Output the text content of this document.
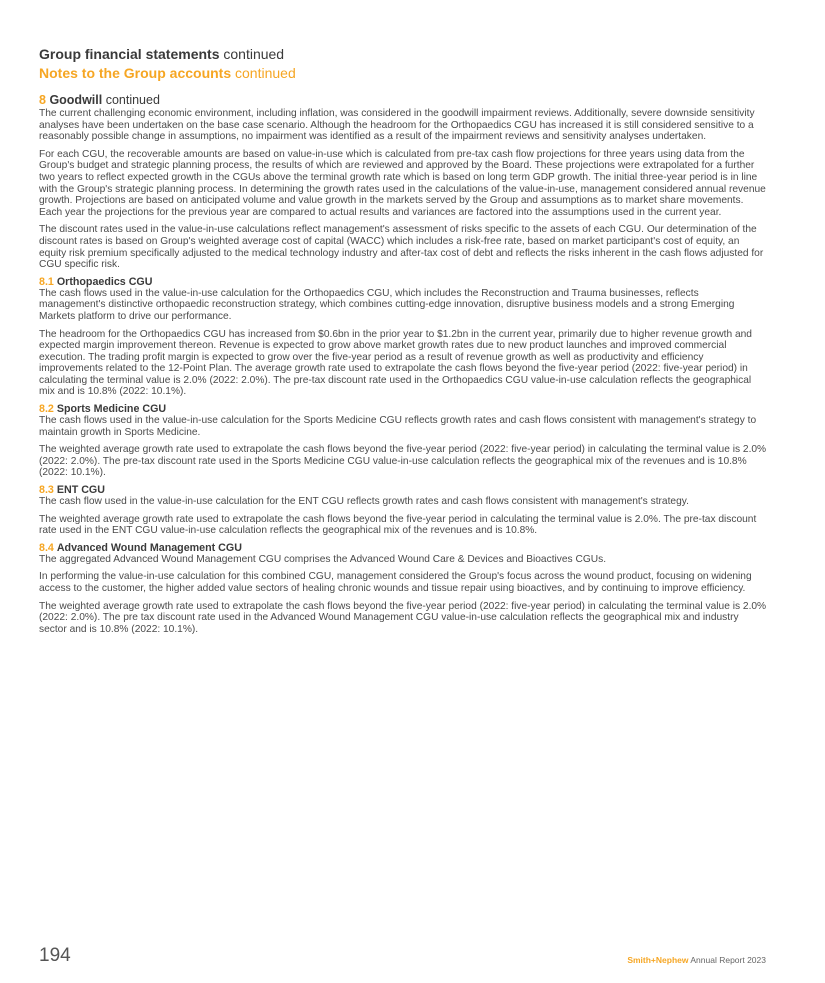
Group financial statements continued
Notes to the Group accounts continued
8 Goodwill continued

The current challenging economic environment, including inflation, was considered in the goodwill impairment reviews. Additionally, severe downside sensitivity analyses have been undertaken on the base case scenario. Although the headroom for the Orthopaedics CGU has increased it is still considered sensitive to a reasonably possible change in assumptions, no impairment was identified as a result of the impairment reviews and sensitivity analyses undertaken.

For each CGU, the recoverable amounts are based on value-in-use which is calculated from pre-tax cash flow projections for three years using data from the Group's budget and strategic planning process, the results of which are reviewed and approved by the Board. These projections were extrapolated for a further two years to reflect expected growth in the CGUs above the terminal growth rate which is based on long term GDP growth. The initial three-year period is in line with the Group's strategic planning process. In determining the growth rates used in the calculations of the value-in-use, management considered annual revenue growth. Projections are based on anticipated volume and value growth in the markets served by the Group and assumptions as to market share movements. Each year the projections for the previous year are compared to actual results and variances are factored into the assumptions used in the current year.

The discount rates used in the value-in-use calculations reflect management's assessment of risks specific to the assets of each CGU. Our determination of the discount rates is based on Group's weighted average cost of capital (WACC) which includes a risk-free rate, based on market participant's cost of equity, an equity risk premium specifically adjusted to the medical technology industry and after-tax cost of debt and reflects the risks inherent in the cash flows adjusted for CGU specific risk.

8.1 Orthopaedics CGU

The cash flows used in the value-in-use calculation for the Orthopaedics CGU, which includes the Reconstruction and Trauma businesses, reflects management's distinctive orthopaedic reconstruction strategy, which combines cutting-edge innovation, disruptive business models and a strong Emerging Markets platform to drive our performance.

The headroom for the Orthopaedics CGU has increased from $0.6bn in the prior year to $1.2bn in the current year, primarily due to higher revenue growth and expected margin improvement thereon. Revenue is expected to grow above market growth rates due to new product launches and improved commercial execution. The trading profit margin is expected to grow over the five-year period as a result of revenue growth as well as productivity and efficiency improvements related to the 12-Point Plan. The average growth rate used to extrapolate the cash flows beyond the five-year period (2022: five-year period) in calculating the terminal value is 2.0% (2022: 2.0%). The pre-tax discount rate used in the Orthopaedics CGU value-in-use calculation reflects the geographical mix and is 10.8% (2022: 10.1%).

8.2 Sports Medicine CGU

The cash flows used in the value-in-use calculation for the Sports Medicine CGU reflects growth rates and cash flows consistent with management's strategy to maintain growth in Sports Medicine.

The weighted average growth rate used to extrapolate the cash flows beyond the five-year period (2022: five-year period) in calculating the terminal value is 2.0% (2022: 2.0%). The pre-tax discount rate used in the Sports Medicine CGU value-in-use calculation reflects the geographical mix of the revenues and is 10.8% (2022: 10.1%).

8.3 ENT CGU

The cash flow used in the value-in-use calculation for the ENT CGU reflects growth rates and cash flows consistent with management's strategy.

The weighted average growth rate used to extrapolate the cash flows beyond the five-year period in calculating the terminal value is 2.0%. The pre-tax discount rate used in the ENT CGU value-in-use calculation reflects the geographical mix of the revenues and is 10.8%.

8.4 Advanced Wound Management CGU

The aggregated Advanced Wound Management CGU comprises the Advanced Wound Care & Devices and Bioactives CGUs.

In performing the value-in-use calculation for this combined CGU, management considered the Group's focus across the wound product, focusing on widening access to the customer, the higher added value sectors of healing chronic wounds and tissue repair using bioactives, and by continuing to improve efficiency.

The weighted average growth rate used to extrapolate the cash flows beyond the five-year period (2022: five-year period) in calculating the terminal value is 2.0% (2022: 2.0%). The pre tax discount rate used in the Advanced Wound Management CGU value-in-use calculation reflects the geographical mix and industry sector and is 10.8% (2022: 10.1%).

194	Smith+Nephew Annual Report 2023
